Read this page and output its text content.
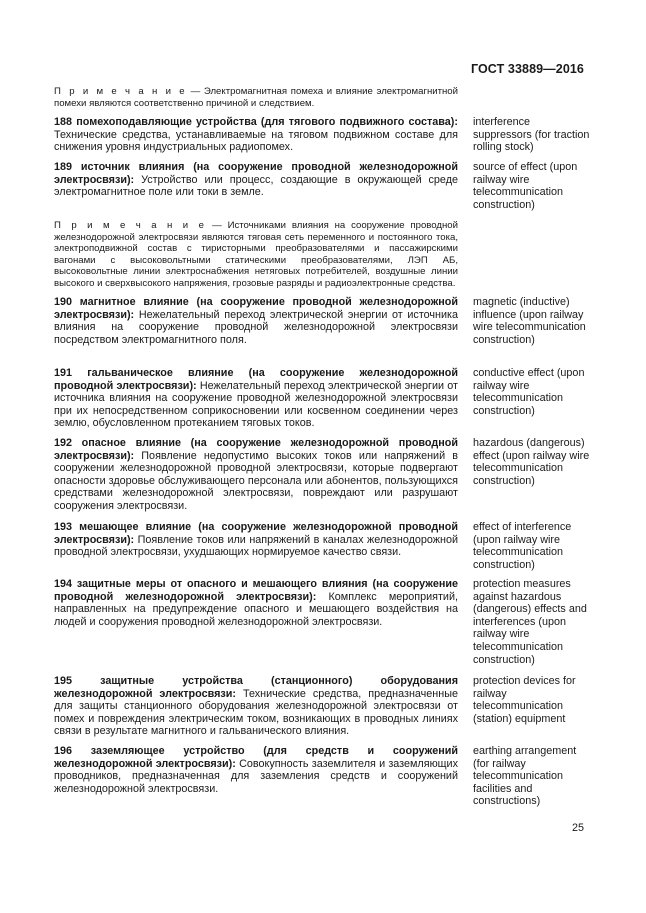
ГОСТ 33889—2016
П р и м е ч а н и е — Электромагнитная помеха и влияние электромагнитной помехи являются соответственно причиной и следствием.
188 помехоподавляющие устройства (для тягового подвижного состава): Технические средства, устанавливаемые на тяговом подвижном составе для снижения уровня индустриальных радиопомех.
interference suppressors (for traction rolling stock)
189 источник влияния (на сооружение проводной железнодорожной электросвязи): Устройство или процесс, создающие в окружающей среде электромагнитное поле или токи в земле.
source of effect (upon railway wire telecommunication construction)
П р и м е ч а н и е — Источниками влияния на сооружение проводной железнодорожной электросвязи являются тяговая сеть переменного и постоянного тока, электроподвижной состав с тиристорными преобразователями и пассажирскими вагонами с высоковольтными статическими преобразователями, ЛЭП АБ, высоковольтные линии электроснабжения нетяговых потребителей, воздушные линии высокого и сверхвысокого напряжения, грозовые разряды и радиоэлектронные средства.
190 магнитное влияние (на сооружение проводной железнодорожной электросвязи): Нежелательный переход электрической энергии от источника влияния на сооружение проводной железнодорожной электросвязи посредством электромагнитного поля.
magnetic (inductive) influence (upon railway wire telecommunication construction)
191 гальваническое влияние (на сооружение железнодорожной проводной электросвязи): Нежелательный переход электрической энергии от источника влияния на сооружение проводной железнодорожной электросвязи при их непосредственном соприкосновении или косвенном соединении через землю, обусловленном протеканием тяговых токов.
conductive effect (upon railway wire telecommunication construction)
192 опасное влияние (на сооружение железнодорожной проводной электросвязи): Появление недопустимо высоких токов или напряжений в сооружении железнодорожной проводной электросвязи, которые подвергают опасности здоровье обслуживающего персонала или абонентов, пользующихся средствами железнодорожной электросвязи, повреждают или разрушают сооружения электросвязи.
hazardous (dangerous) effect (upon railway wire telecommunication construction)
193 мешающее влияние (на сооружение железнодорожной проводной электросвязи): Появление токов или напряжений в каналах железнодорожной проводной электросвязи, ухудшающих нормируемое качество связи.
effect of interference (upon railway wire telecommunication construction)
194 защитные меры от опасного и мешающего влияния (на сооружение проводной железнодорожной электросвязи): Комплекс мероприятий, направленных на предупреждение опасного и мешающего воздействия на людей и сооружения проводной железнодорожной электросвязи.
protection measures against hazardous (dangerous) effects and interferences (upon railway wire telecommunication construction)
195	защитные устройства (станционного) оборудования железнодорожной электросвязи: Технические средства, предназначенные для защиты станционного оборудования железнодорожной электросвязи от помех и повреждения электрическим током, возникающих в проводных линиях связи в результате магнитного и гальванического влияния.
protection devices for railway telecommunication (station) equipment
196 заземляющее устройство (для средств и сооружений железнодорожной электросвязи): Совокупность заземлителя и заземляющих проводников, предназначенная для заземления средств и сооружений железнодорожной электросвязи.
earthing arrangement (for railway telecommunication facilities and constructions)
25
